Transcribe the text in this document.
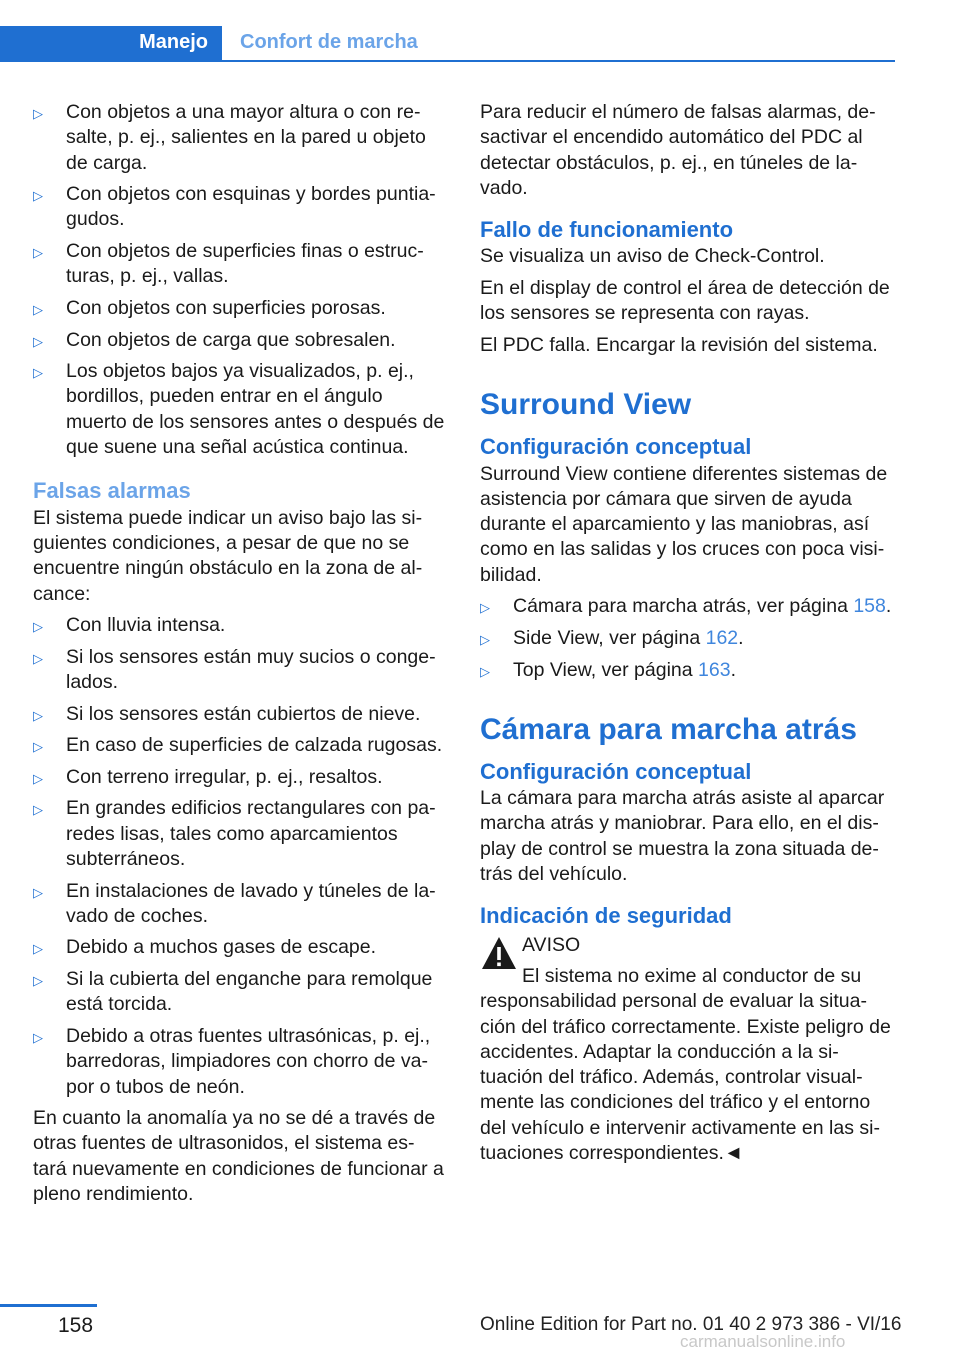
Manejo Confort de marcha
▷ Con objetos a una mayor altura o con re-salte, p. ej., salientes en la pared u objeto de carga.
▷ Con objetos con esquinas y bordes puntia-gudos.
▷ Con objetos de superficies finas o estruc-turas, p. ej., vallas.
▷ Con objetos con superficies porosas.
▷ Con objetos de carga que sobresalen.
▷ Los objetos bajos ya visualizados, p. ej., bordillos, pueden entrar en el ángulo muerto de los sensores antes o después de que suene una señal acústica continua.
Falsas alarmas

El sistema puede indicar un aviso bajo las si-guientes condiciones, a pesar de que no se encuentre ningún obstáculo en la zona de al-cance:

▷ Con lluvia intensa.
▷ Si los sensores están muy sucios o conge-lados.
▷ Si los sensores están cubiertos de nieve.
▷ En caso de superficies de calzada rugosas.
▷ Con terreno irregular, p. ej., resaltos.
▷ En grandes edificios rectangulares con pa-redes lisas, tales como aparcamientos subterráneos.
▷ En instalaciones de lavado y túneles de la-vado de coches.
▷ Debido a muchos gases de escape.
▷ Si la cubierta del enganche para remolque está torcida.
▷ Debido a otras fuentes ultrasónicas, p. ej., barredoras, limpiadores con chorro de va-por o tubos de neón.

En cuanto la anomalía ya no se dé a través de otras fuentes de ultrasonidos, el sistema es-tará nuevamente en condiciones de funcionar a pleno rendimiento.

Para reducir el número de falsas alarmas, de-sactivar el encendido automático del PDC al detectar obstáculos, p. ej., en túneles de la-vado.

Fallo de funcionamiento

Se visualiza un aviso de Check-Control.

En el display de control el área de detección de los sensores se representa con rayas.

El PDC falla. Encargar la revisión del sistema.

Surround View
Configuración conceptual

Surround View contiene diferentes sistemas de asistencia por cámara que sirven de ayuda durante el aparcamiento y las maniobras, así como en las salidas y los cruces con poca visi-bilidad.

▷ Cámara para marcha atrás, ver página 158.
▷ Side View, ver página 162.
▷ Top View, ver página 163.
Cámara para marcha atrás
Configuración conceptual

La cámara para marcha atrás asiste al aparcar marcha atrás y maniobrar. Para ello, en el dis-play de control se muestra la zona situada de-trás del vehículo.

Indicación de seguridad
AVISO
El sistema no exime al conductor de su
responsabilidad personal de evaluar la situa-ción del tráfico correctamente. Existe peligro de accidentes. Adaptar la conducción a la si-tuación del tráfico. Además, controlar visual-mente las condiciones del tráfico y el entorno del vehículo e intervenir activamente en las si-tuaciones correspondientes.◄
158	Online Edition for Part no. 01 40 2 973 386 - VI/16
carmanualsonline.info
